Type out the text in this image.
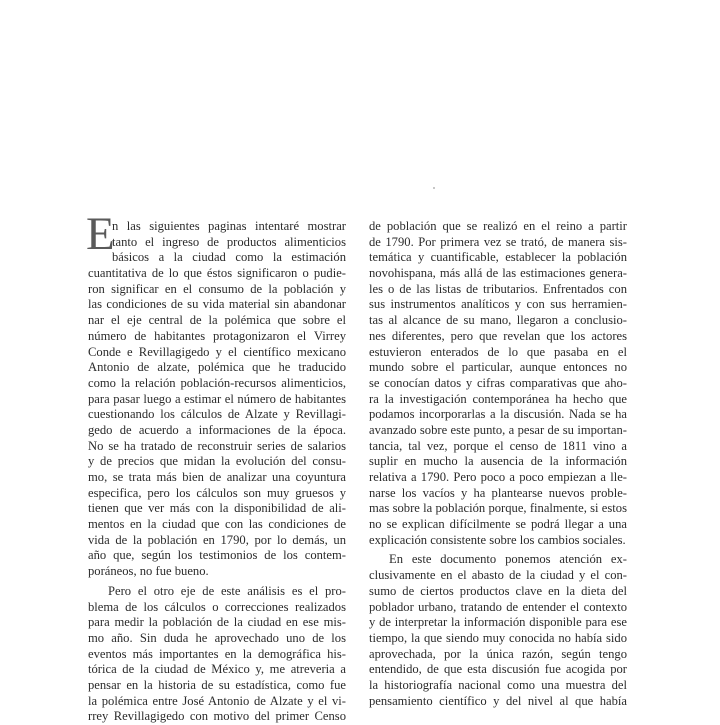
E
n las siguientes paginas intentaré mostrar
tanto el ingreso de productos alimenticios
básicos a la ciudad como la estimación
cuantitativa de lo que éstos significaron o pudie-
ron significar en el consumo de la población y
las condiciones de su vida material sin abandonar
nar el eje central de la polémica que sobre el
número de habitantes protagonizaron el Virrey
Conde e Revillagigedo y el científico mexicano
Antonio de alzate, polémica que he traducido
como la relación población-recursos alimenticios,
para pasar luego a estimar el número de habitantes
cuestionando los cálculos de Alzate y Revillagi-
gedo de acuerdo a informaciones de la época.
No se ha tratado de reconstruir series de salarios
y de precios que midan la evolución del consu-
mo, se trata más bien de analizar una coyuntura
especifica, pero los cálculos son muy gruesos y
tienen que ver más con la disponibilidad de ali-
mentos en la ciudad que con las condiciones de
vida de la población en 1790, por lo demás, un
año que, según los testimonios de los contem-
poráneos, no fue bueno.
Pero el otro eje de este análisis es el pro-
blema de los cálculos o correcciones realizados
para medir la población de la ciudad en ese mis-
mo año. Sin duda he aprovechado uno de los
eventos más importantes en la demográfica his-
tórica de la ciudad de México y, me atreveria a
pensar en la historia de su estadística, como fue
la polémica entre José Antonio de Alzate y el vi-
rrey Revillagigedo con motivo del primer Censo
de población que se realizó en el reino a partir
de 1790. Por primera vez se trató, de manera sis-
temática y cuantificable, establecer la población
novohispana, más allá de las estimaciones genera-
les o de las listas de tributarios. Enfrentados con
sus instrumentos analíticos y con sus herramien-
tas al alcance de su mano, llegaron a conclusio-
nes diferentes, pero que revelan que los actores
estuvieron enterados de lo que pasaba en el
mundo sobre el particular, aunque entonces no
se conocían datos y cifras comparativas que aho-
ra la investigación contemporánea ha hecho que
podamos incorporarlas a la discusión. Nada se ha
avanzado sobre este punto, a pesar de su importan-
tancia, tal vez, porque el censo de 1811 vino a
suplir en mucho la ausencia de la información
relativa a 1790. Pero poco a poco empiezan a lle-
narse los vacíos y ha plantearse nuevos proble-
mas sobre la población porque, finalmente, si estos
no se explican difícilmente se podrá llegar a una
explicación consistente sobre los cambios sociales.
En este documento ponemos atención ex-
clusivamente en el abasto de la ciudad y el con-
sumo de ciertos productos clave en la dieta del
poblador urbano, tratando de entender el contexto
y de interpretar la información disponible para ese
tiempo, la que siendo muy conocida no había sido
aprovechada, por la única razón, según tengo
entendido, de que esta discusión fue acogida por
la historiografía nacional como una muestra del
pensamiento científico y del nivel al que había
